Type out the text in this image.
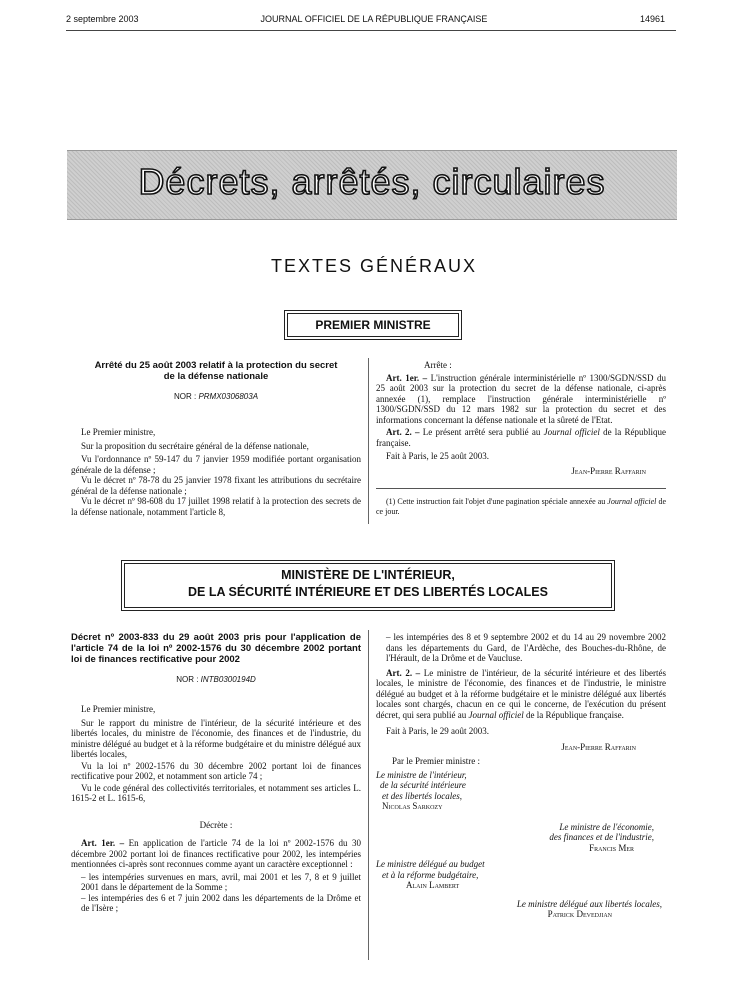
2 septembre 2003	JOURNAL OFFICIEL DE LA RÉPUBLIQUE FRANÇAISE	14961
Décrets, arrêtés, circulaires
TEXTES GÉNÉRAUX
PREMIER MINISTRE

Arrêté du 25 août 2003 relatif à la protection du secret de la défense nationale

NOR : PRMX0306803A

Le Premier ministre,

Sur la proposition du secrétaire général de la défense nationale,

Vu l'ordonnance nº 59-147 du 7 janvier 1959 modifiée portant organisation générale de la défense ;

Vu le décret nº 78-78 du 25 janvier 1978 fixant les attributions du secrétaire général de la défense nationale ;

Vu le décret nº 98-608 du 17 juillet 1998 relatif à la protection des secrets de la défense nationale, notamment l'article 8,

Arrête :

Art. 1er. – L'instruction générale interministérielle nº 1300/SGDN/SSD du 25 août 2003 sur la protection du secret de la défense nationale, ci-après annexée (1), remplace l'instruction générale interministérielle nº 1300/SGDN/SSD du 12 mars 1982 sur la protection du secret et des informations concernant la défense nationale et la sûreté de l'Etat.

Art. 2. – Le présent arrêté sera publié au Journal officiel de la République française.

Fait à Paris, le 25 août 2003.

Jean-Pierre Raffarin

(1) Cette instruction fait l'objet d'une pagination spéciale annexée au Journal officiel de ce jour.

MINISTÈRE DE L'INTÉRIEUR,
DE LA SÉCURITÉ INTÉRIEURE ET DES LIBERTÉS LOCALES

Décret nº 2003-833 du 29 août 2003 pris pour l'application de l'article 74 de la loi nº 2002-1576 du 30 décembre 2002 portant loi de finances rectificative pour 2002

NOR : INTB0300194D

Le Premier ministre,

Sur le rapport du ministre de l'intérieur, de la sécurité intérieure et des libertés locales, du ministre de l'économie, des finances et de l'industrie, du ministre délégué au budget et à la réforme budgétaire et du ministre délégué aux libertés locales,

Vu la loi nº 2002-1576 du 30 décembre 2002 portant loi de finances rectificative pour 2002, et notamment son article 74 ;

Vu le code général des collectivités territoriales, et notamment ses articles L. 1615-2 et L. 1615-6,

Décrète :

Art. 1er. – En application de l'article 74 de la loi nº 2002-1576 du 30 décembre 2002 portant loi de finances rectificative pour 2002, les intempéries mentionnées ci-après sont reconnues comme ayant un caractère exceptionnel :

– les intempéries survenues en mars, avril, mai 2001 et les 7, 8 et 9 juillet 2001 dans le département de la Somme ;

– les intempéries des 6 et 7 juin 2002 dans les départements de la Drôme et de l'Isère ;

– les intempéries des 8 et 9 septembre 2002 et du 14 au 29 novembre 2002 dans les départements du Gard, de l'Ardèche, des Bouches-du-Rhône, de l'Hérault, de la Drôme et de Vaucluse.

Art. 2. – Le ministre de l'intérieur, de la sécurité intérieure et des libertés locales, le ministre de l'économie, des finances et de l'industrie, le ministre délégué au budget et à la réforme budgétaire et le ministre délégué aux libertés locales sont chargés, chacun en ce qui le concerne, de l'exécution du présent décret, qui sera publié au Journal officiel de la République française.

Fait à Paris, le 29 août 2003.

Jean-Pierre Raffarin

Par le Premier ministre :

Le ministre de l'intérieur,
de la sécurité intérieure
et des libertés locales,
Nicolas Sarkozy
Le ministre de l'économie,
des finances et de l'industrie,
Francis Mer
Le ministre délégué au budget
et à la réforme budgétaire,
Alain Lambert
Le ministre délégué aux libertés locales,
Patrick Devedjian
